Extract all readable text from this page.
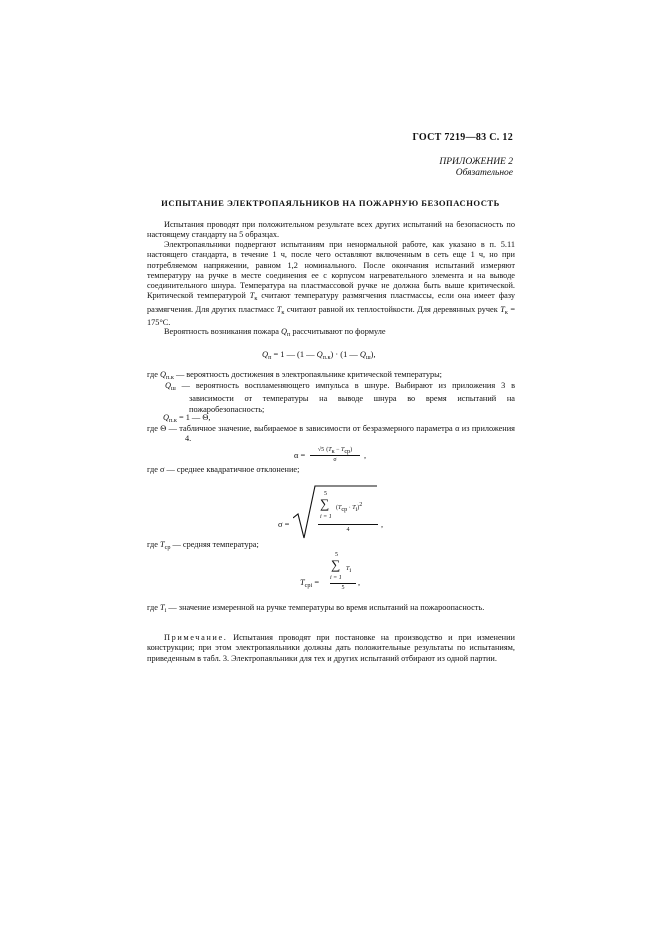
ГОСТ 7219—83 С. 12
ПРИЛОЖЕНИЕ 2
Обязательное
ИСПЫТАНИЕ ЭЛЕКТРОПАЯЛЬНИКОВ НА ПОЖАРНУЮ БЕЗОПАСНОСТЬ
Испытания проводят при положительном результате всех других испытаний на безопасность по настоящему стандарту на 5 образцах.
Электропаяльники подвергают испытаниям при ненормальной работе, как указано в п. 5.11 настоящего стандарта, в течение 1 ч, после чего оставляют включенным в сеть еще 1 ч, но при потребляемом напряжении, равном 1,2 номинального. После окончания испытаний измеряют температуру на ручке в месте соединения ее с корпусом нагревательного элемента и на выводе соединительного шнура. Температура на пластмассовой ручке не должна быть выше критической. Критической температурой $T_к$ считают температуру размягчения пластмассы, если она имеет фазу размягчения. Для других пластмасс $T_к$ считают равной их теплостойкости. Для деревянных ручек $T_к = 175^\circ С$.
Вероятность возникания пожара $Q_п$ рассчитывают по формуле
$Q_п = 1$ — (1 — $Q_{п.к}) \cdot (1$ — $Q_ш$),
где $Q_{п.к}$ — вероятность достижения в электропаяльнике критической температуры;
$Q_ш$ — вероятность воспламеняющего импульса в шнуре. Выбирают из приложения 3 в зависимости от температуры на выводе шнура во время испытаний на пожаробезопасность;
$Q_{п.к} = 1$ — Θ,
где Θ — табличное значение, выбираемое в зависимости от безразмерного параметра α из приложения 4.
α =
√5 $(T_к - T_{ср})$
σ	,
где σ — среднее квадратичное отклонение;
σ =
5
∑
i = 1
$(T_{ср} \cdot T_i)^2$
4
,
где $T_{ср}$ — средняя температура;
$T_{срi}$ =
5
∑
i = 1
$T_i$
5
,
где $T_i$ — значение измеренной на ручке температуры во время испытаний на пожароопасность.
Примечание. Испытания проводят при постановке на производство и при изменении конструкции; при этом электропаяльники должны дать положительные результаты по испытаниям, приведенным в табл. 3. Электропаяльники для тех и других испытаний отбирают из одной партии.
